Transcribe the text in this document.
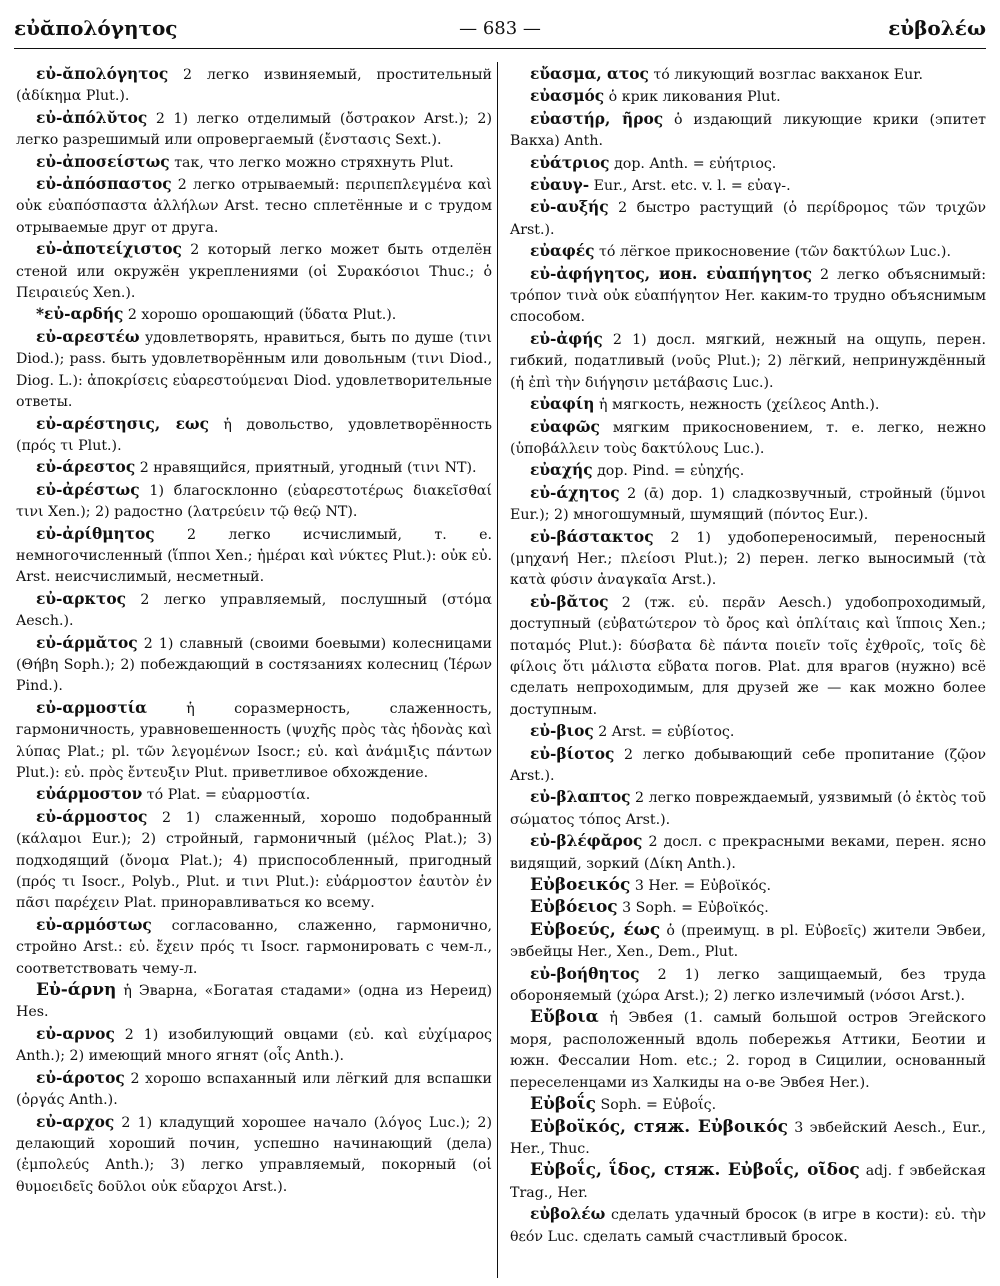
εὐᾰπολόγητος	— 683 —	εὐβολέω

εὐ-ᾰπολόγητος 2 легко извиняемый, простительный (ἀδίκημα Plut.).

εὐ-ἀπόλῠτος 2 1) легко отделимый (ὄστρακον Arst.); 2) легко разрешимый или опровергаемый (ἔνστασις Sext.).

εὐ-ἀποσείστως так, что легко можно стряхнуть Plut.

εὐ-ἀπόσπαστος 2 легко отрываемый: περιπεπλεγμένα καὶ οὐκ εὐαπόσπαστα ἀλλήλων Arst. тесно сплетённые и с трудом отрываемые друг от друга.

εὐ-ἀποτείχιστος 2 который легко может быть отделён стеной или окружён укреплениями (οἱ Συρακόσιοι Thuc.; ὁ Πειραιεύς Xen.).

*εὐ-αρδής 2 хорошо орошающий (ὕδατα Plut.).

εὐ-αρεστέω удовлетворять, нравиться, быть по душе (τινι Diod.); pass. быть удовлетворённым или довольным (τινι Diod., Diog. L.): ἀποκρίσεις εὐαρεστούμεναι Diod. удовлетворительные ответы.

εὐ-αρέστησις, εως ἡ довольство, удовлетворённость (πρός τι Plut.).

εὐ-άρεστος 2 нравящийся, приятный, угодный (τινι NT).

εὐ-ἀρέστως 1) благосклонно (εὐαρεστοτέρως διακεῖσθαί τινι Xen.); 2) радостно (λατρεύειν τῷ θεῷ NT).

εὐ-ἀρίθμητος 2 легко исчислимый, т. е. немногочисленный (ἵπποι Xen.; ἡμέραι καὶ νύκτες Plut.): οὐκ εὐ. Arst. неисчислимый, несметный.

εὐ-αρκτος 2 легко управляемый, послушный (στόμα Aesch.).

εὐ-άρμᾰτος 2 1) славный (своими боевыми) колесницами (Θήβη Soph.); 2) побеждающий в состязаниях колесниц (Ἱέρων Pind.).

εὐ-αρμοστία ἡ соразмерность, слаженность, гармоничность, уравновешенность (ψυχῆς πρὸς τὰς ἡδονὰς καὶ λύπας Plat.; pl. τῶν λεγομένων Isocr.; εὐ. καὶ ἀνάμιξις πάντων Plut.): εὐ. πρὸς ἔντευξιν Plut. приветливое обхождение.

εὐάρμοστον τό Plat. = εὐαρμοστία.

εὐ-άρμοστος 2 1) слаженный, хорошо подобранный (κάλαμοι Eur.); 2) стройный, гармоничный (μέλος Plat.); 3) подходящий (ὄνομα Plat.); 4) приспособленный, пригодный (πρός τι Isocr., Polyb., Plut. и τινι Plut.): εὐάρμοστον ἑαυτὸν ἐν πᾶσι παρέχειν Plat. приноравливаться ко всему.

εὐ-αρμόστως согласованно, слаженно, гармонично, стройно Arst.: εὐ. ἔχειν πρός τι Isocr. гармонировать с чем-л., соответствовать чему-л.

Εὐ-άρνη ἡ Эварна, «Богатая стадами» (одна из Нереид) Hes.

εὐ-αρνος 2 1) изобилующий овцами (εὐ. καὶ εὐχίμαρος Anth.); 2) имеющий много ягнят (οἶς Anth.).

εὐ-άροτος 2 хорошо вспаханный или лёгкий для вспашки (ὀργάς Anth.).

εὐ-αρχος 2 1) кладущий хорошее начало (λόγος Luc.); 2) делающий хороший почин, успешно начинающий (дела) (ἐμπολεύς Anth.); 3) легко управляемый, покорный (οἱ θυμοειδεῖς δοῦλοι οὐκ εὔαρχοι Arst.).

εὔασμα, ατος τό ликующий возглас вакханок Eur.

εὐασμός ὁ крик ликования Plut.

εὐαστήρ, ῆρος ὁ издающий ликующие крики (эпитет Вакха) Anth.

εὐάτριος дор. Anth. = εὐήτριος.

εὐαυγ- Eur., Arst. etc. v. l. = εὐαγ-.

εὐ-αυξής 2 быстро растущий (ὁ περίδρομος τῶν τριχῶν Arst.).

εὐαφές τό лёгкое прикосновение (τῶν δακτύλων Luc.).

εὐ-ἀφήγητος, ион. εὐαπήγητος 2 легко объяснимый: τρόπον τινὰ οὐκ εὐαπήγητον Her. каким-то трудно объяснимым способом.

εὐ-ἀφής 2 1) досл. мягкий, нежный на ощупь, перен. гибкий, податливый (νοῦς Plut.); 2) лёгкий, непринуждённый (ἡ ἐπὶ τὴν διήγησιν μετάβασις Luc.).

εὐαφίη ἡ мягкость, нежность (χείλεος Anth.).

εὐαφῶς мягким прикосновением, т. е. легко, нежно (ὑποβάλλειν τοὺς δακτύλους Luc.).

εὐαχής дор. Pind. = εὐηχής.

εὐ-άχητος 2 (ᾱ) дор. 1) сладкозвучный, стройный (ὕμνοι Eur.); 2) многошумный, шумящий (πόντος Eur.).

εὐ-βάστακτος 2 1) удобопереносимый, переносный (μηχανή Her.; πλείοσι Plut.); 2) перен. легко выносимый (τὰ κατὰ φύσιν ἀναγκαῖα Arst.).

εὐ-βᾰτος 2 (тж. εὐ. περᾶν Aesch.) удобопроходимый, доступный (εὐβατώτερον τὸ ὄρος καὶ ὁπλίταις καὶ ἵπποις Xen.; ποταμός Plut.): δύσβατα δὲ πάντα ποιεῖν τοῖς ἐχθροῖς, τοῖς δὲ φίλοις ὅτι μάλιστα εὔβατα погов. Plat. для врагов (нужно) всё сделать непроходимым, для друзей же — как можно более доступным.

εὐ-βιος 2 Arst. = εὐβίοτος.

εὐ-βίοτος 2 легко добывающий себе пропитание (ζῷον Arst.).

εὐ-βλαπτος 2 легко повреждаемый, уязвимый (ὁ ἐκτὸς τοῦ σώματος τόπος Arst.).

εὐ-βλέφᾰρος 2 досл. с прекрасными веками, перен. ясно видящий, зоркий (Δίκη Anth.).

Εὐβοεικός 3 Her. = Εὐβοϊκός.

Εὐβόειος 3 Soph. = Εὐβοϊκός.

Εὐβοεύς, έως ὁ (преимущ. в pl. Εὐβοεῖς) жители Эвбеи, эвбейцы Her., Xen., Dem., Plut.

εὐ-βοήθητος 2 1) легко защищаемый, без труда обороняемый (χώρα Arst.); 2) легко излечимый (νόσοι Arst.).

Εὔβοια ἡ Эвбея (1. самый большой остров Эгейского моря, расположенный вдоль побережья Аттики, Беотии и южн. Фессалии Hom. etc.; 2. город в Сицилии, основанный переселенцами из Халкиды на о-ве Эвбея Her.).

Εὐβοΐς Soph. = Εὐβοΐς.

Εὐβοϊκός, стяж. Εὐβοικός 3 эвбейский Aesch., Eur., Her., Thuc.

Εὐβοΐς, ΐδος, стяж. Εὐβοΐς, οῖδος adj. f эвбейская Trag., Her.

εὐβολέω сделать удачный бросок (в игре в кости): εὐ. τὴν θεόν Luc. сделать самый счастливый бросок.
